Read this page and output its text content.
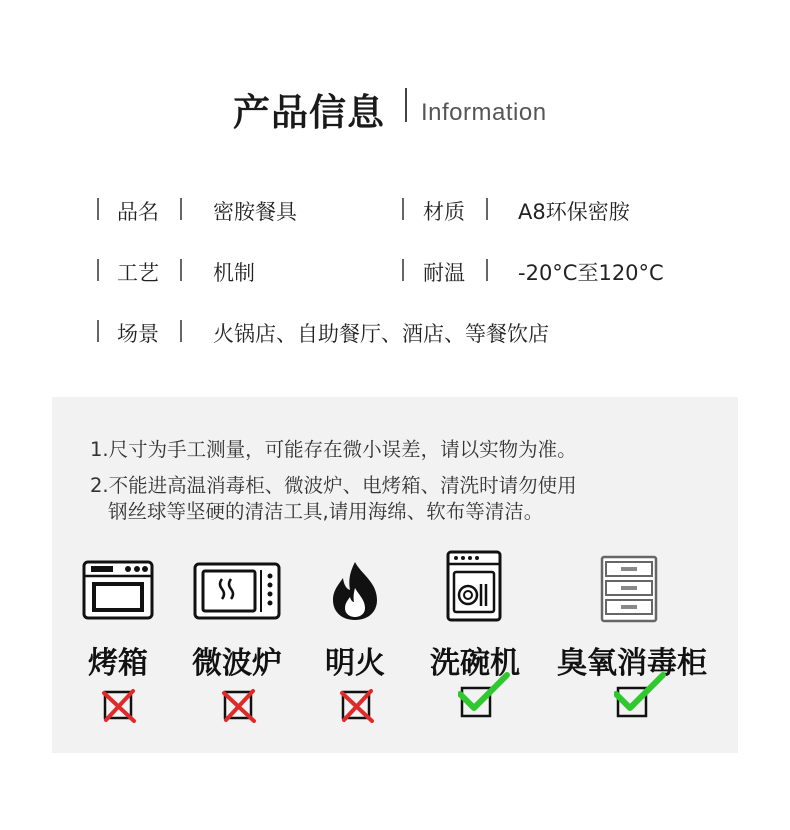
产品信息 Information
品名	密胺餐具	材质	A8环保密胺
工艺	机制	耐温	-20°C至120°C
场景	火锅店、自助餐厅、酒店、等餐饮店
1.尺寸为手工测量，可能存在微小误差，请以实物为准。
2.不能进高温消毒柜、微波炉、电烤箱、清洗时请勿使用
钢丝球等坚硬的清洁工具,请用海绵、软布等清洁。
烤箱 微波炉 明火 洗碗机 臭氧消毒柜
